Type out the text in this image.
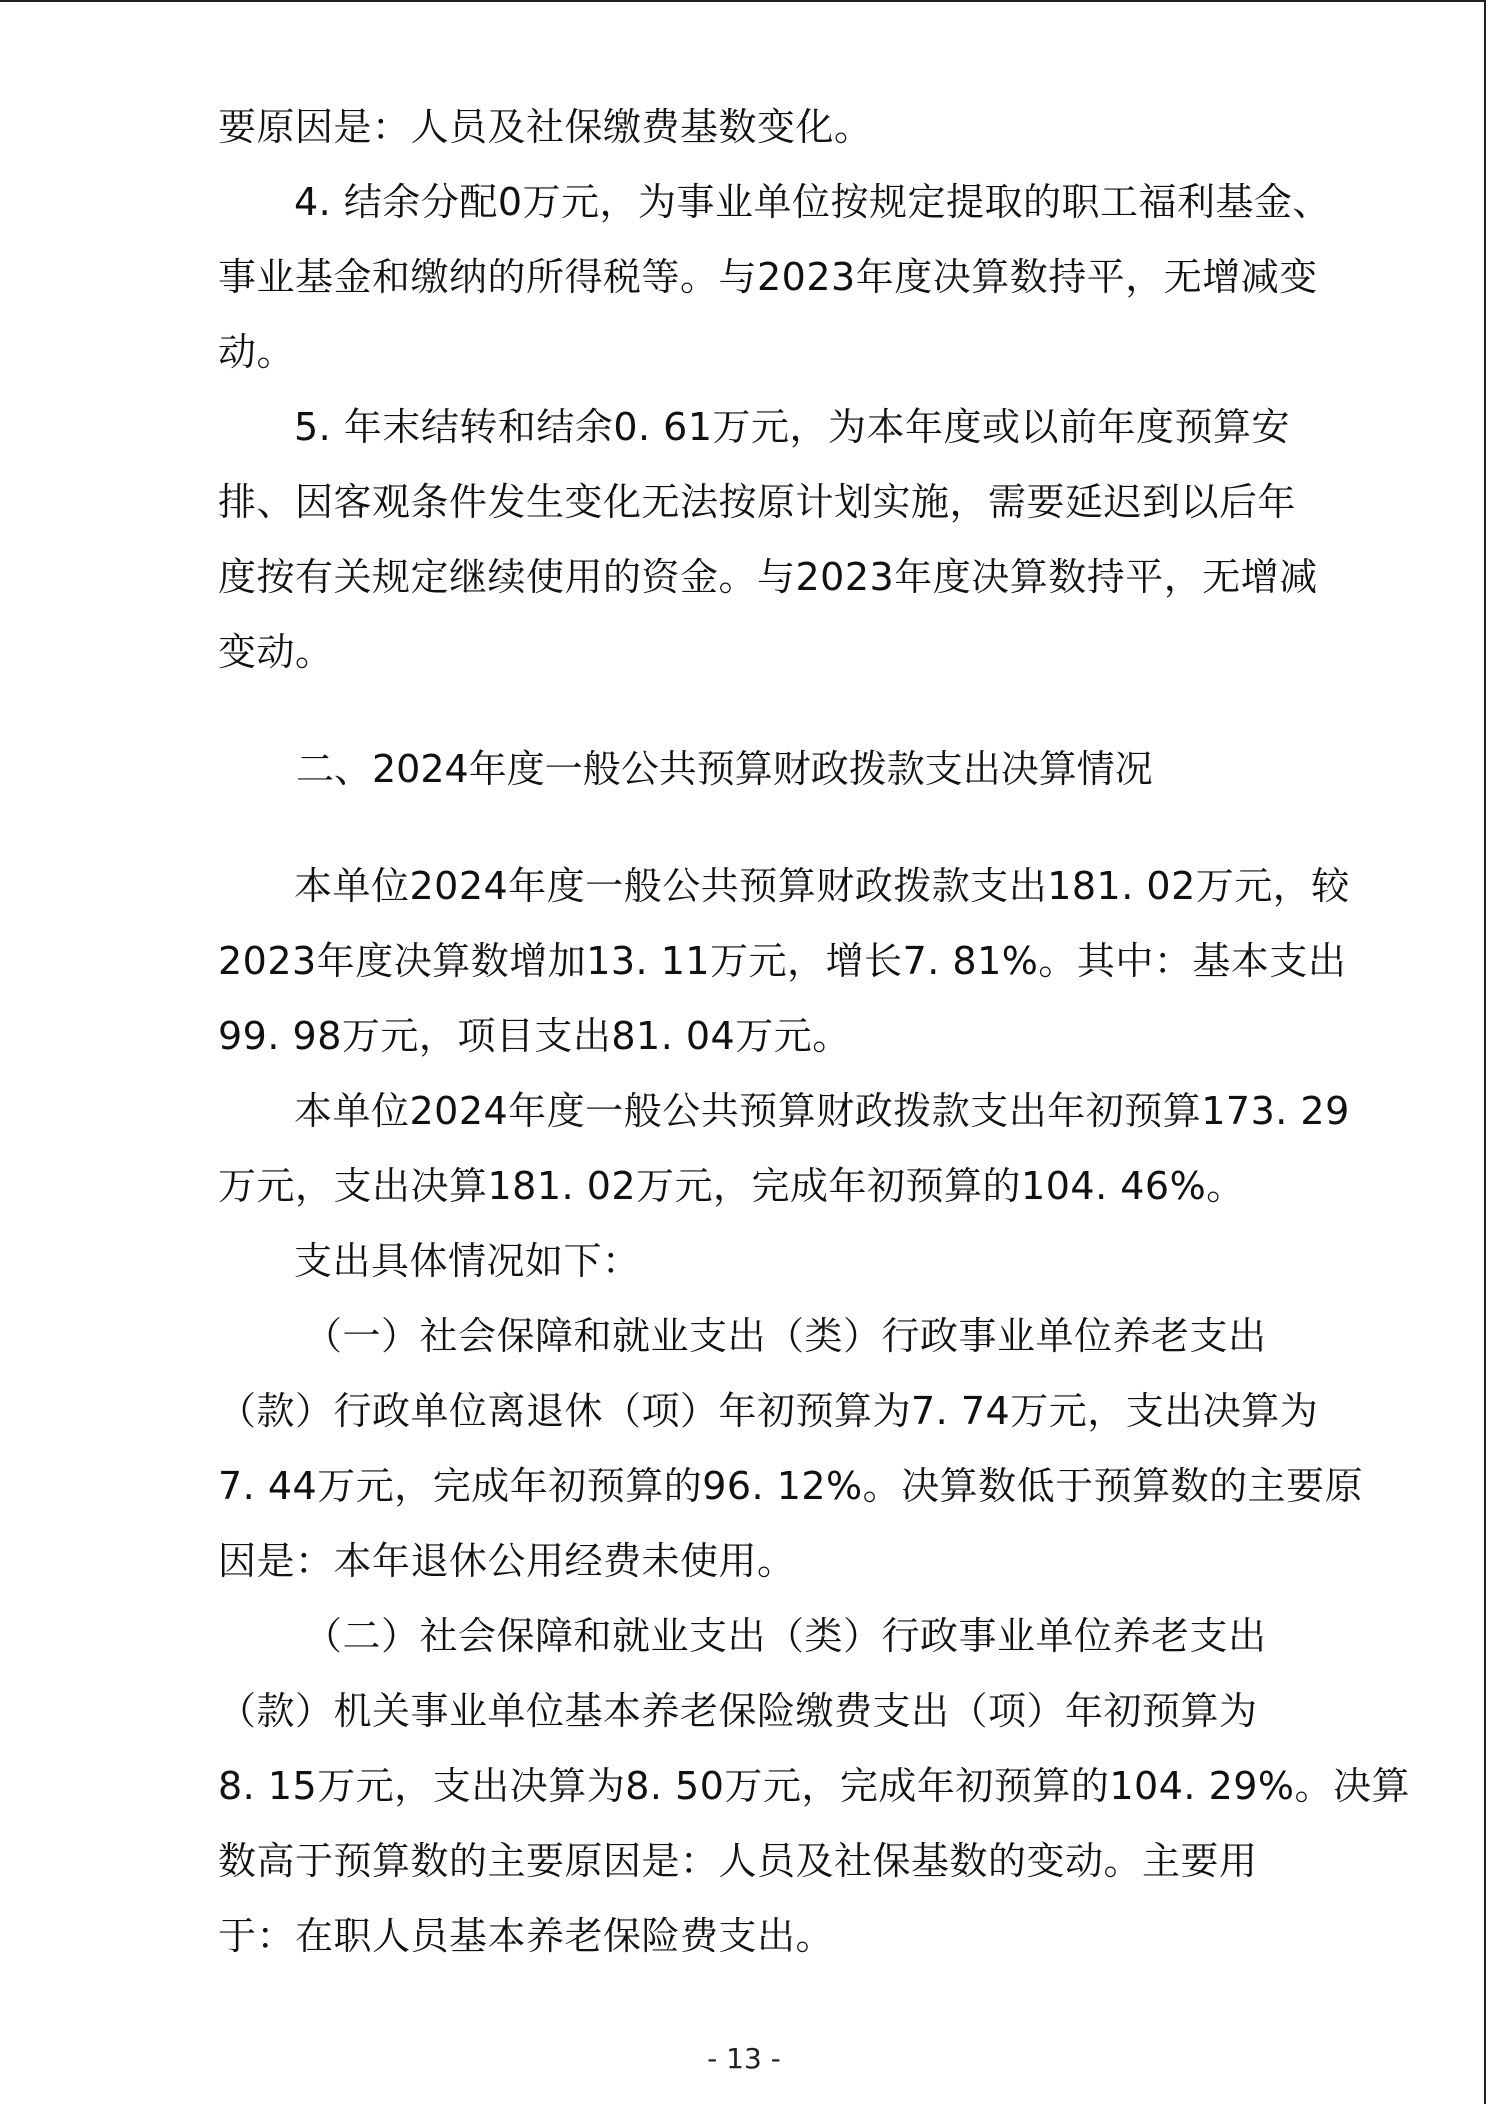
要原因是：人员及社保缴费基数变化。
4. 结余分配0万元，为事业单位按规定提取的职工福利基金、
事业基金和缴纳的所得税等。与2023年度决算数持平，无增减变
动。
5. 年末结转和结余0. 61万元，为本年度或以前年度预算安
排、因客观条件发生变化无法按原计划实施，需要延迟到以后年
度按有关规定继续使用的资金。与2023年度决算数持平，无增减
变动。
二、2024年度一般公共预算财政拨款支出决算情况
本单位2024年度一般公共预算财政拨款支出181. 02万元，较
2023年度决算数增加13. 11万元，增长7. 81%。其中：基本支出
99. 98万元，项目支出81. 04万元。
本单位2024年度一般公共预算财政拨款支出年初预算173. 29
万元，支出决算181. 02万元，完成年初预算的104. 46%。
支出具体情况如下：
（一）社会保障和就业支出（类）行政事业单位养老支出
（款）行政单位离退休（项）年初预算为7. 74万元，支出决算为
7. 44万元，完成年初预算的96. 12%。决算数低于预算数的主要原
因是：本年退休公用经费未使用。
（二）社会保障和就业支出（类）行政事业单位养老支出
（款）机关事业单位基本养老保险缴费支出（项）年初预算为
8. 15万元，支出决算为8. 50万元，完成年初预算的104. 29%。决算
数高于预算数的主要原因是：人员及社保基数的变动。主要用
于：在职人员基本养老保险费支出。
- 13 -
